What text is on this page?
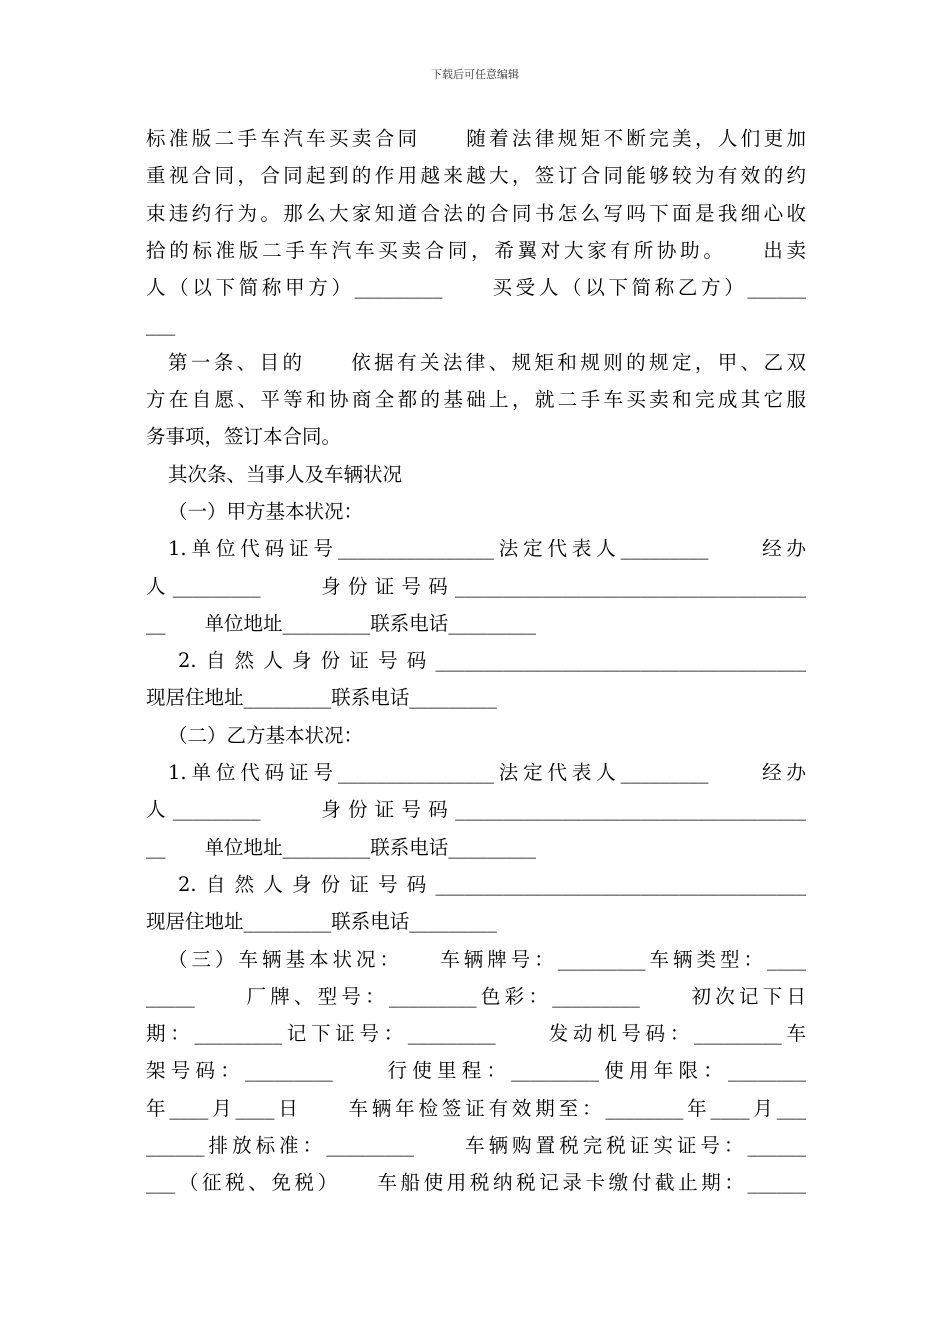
下载后可任意编辑
标准版二手车汽车买卖合同　　随着法律规矩不断完美，人们更加
重视合同，合同起到的作用越来越大，签订合同能够较为有效的约
束违约行为。那么大家知道合法的合同书怎么写吗下面是我细心收
拾的标准版二手车汽车买卖合同，希翼对大家有所协助。　　出卖
人（以下简称甲方）_________　　买受人（以下简称乙方）______
___
第一条、目的　　依据有关法律、规矩和规则的规定，甲、乙双
方在自愿、平等和协商全都的基础上，就二手车买卖和完成其它服
务事项，签订本合同。
其次条、当事人及车辆状况
（一）甲方基本状况：
1.单位代码证号________________法定代表人_________　　经办
人_________　　身份证号码____________________________________
__　　单位地址_________联系电话_________
2.自然人身份证号码______________________________________
现居住地址_________联系电话_________
（二）乙方基本状况：
1.单位代码证号________________法定代表人_________　　经办
人_________　　身份证号码____________________________________
__　　单位地址_________联系电话_________
2.自然人身份证号码______________________________________
现居住地址_________联系电话_________
（三）车辆基本状况：　　车辆牌号：_________车辆类型：____
_____　　厂牌、型号：_________色彩：_________　　初次记下日
期：_________记下证号：_________　　发动机号码：_________车
架号码：_________　　行使里程：_________使用年限：________
年____月____日　　车辆年检签证有效期至：________年____月___
______排放标准：_________　　车辆购置税完税证实证号：______
___（征税、免税）　　车船使用税纳税记录卡缴付截止期：______
